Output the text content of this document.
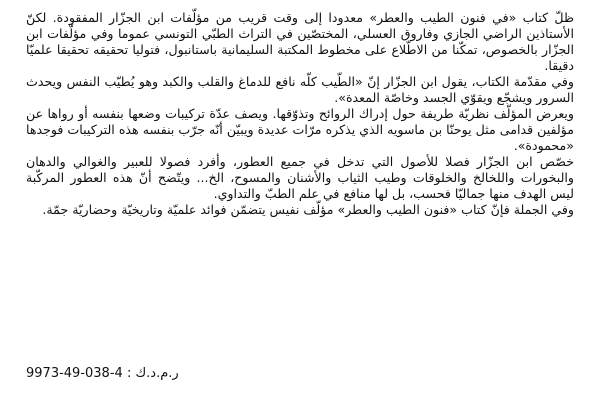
ظلّ كتاب «في فنون الطيب والعطر» معدودا إلى وقت قريب من مؤلّفات ابن الجزّار المفقودة. لكنّ الأستاذين الراضي الجازي وفاروق العسلي، المختصّين في التراث الطبّي التونسي عموما وفي مؤلّفات ابن الجزّار بالخصوص، تمكّنا من الاطّلاع على مخطوط المكتبة السليمانية باستانبول، فتوليا تحقيقه تحقيقا علميّا دقيقا.

وفي مقدّمة الكتاب، يقول ابن الجزّار إنّ «الطّيب كلّه نافع للدماغ والقلب والكبد وهو يُطيّب النفس ويحدث السرور ويشجّع ويقوّي الجسد وخاصّة المعدة».

ويعرض المؤلّف نظريّة طريفة حول إدراك الروائح وتذوّقها. ويصف عدّة تركيبات وضعها بنفسه أو رواها عن مؤلفين قدامى مثل يوحنّا بن ماسويه الذي يذكره مرّات عديدة ويبيّن أنّه جرّب بنفسه هذه التركيبات فوجدها «محمودة».

خصّص ابن الجزّار فصلا للأصول التي تدخل في جميع العطور، وأفرد فصولا للعبير والغوالي والدهان والبخورات واللخالخ والخلوقات وطيب الثياب والأشنان والمسوح، الخ... ويتّضح أنّ هذه العطور المركّبة ليس الهدف منها جماليّا فحسب، بل لها منافع في علم الطبّ والتداوي.

وفي الجملة فإنّ كتاب «فنون الطيب والعطر» مؤلّف نفيس يتضمّن فوائد علميّة وتاريخيّة وحضاريّة جمّة.

9973-49-038-4 ر.م.د.ك :
